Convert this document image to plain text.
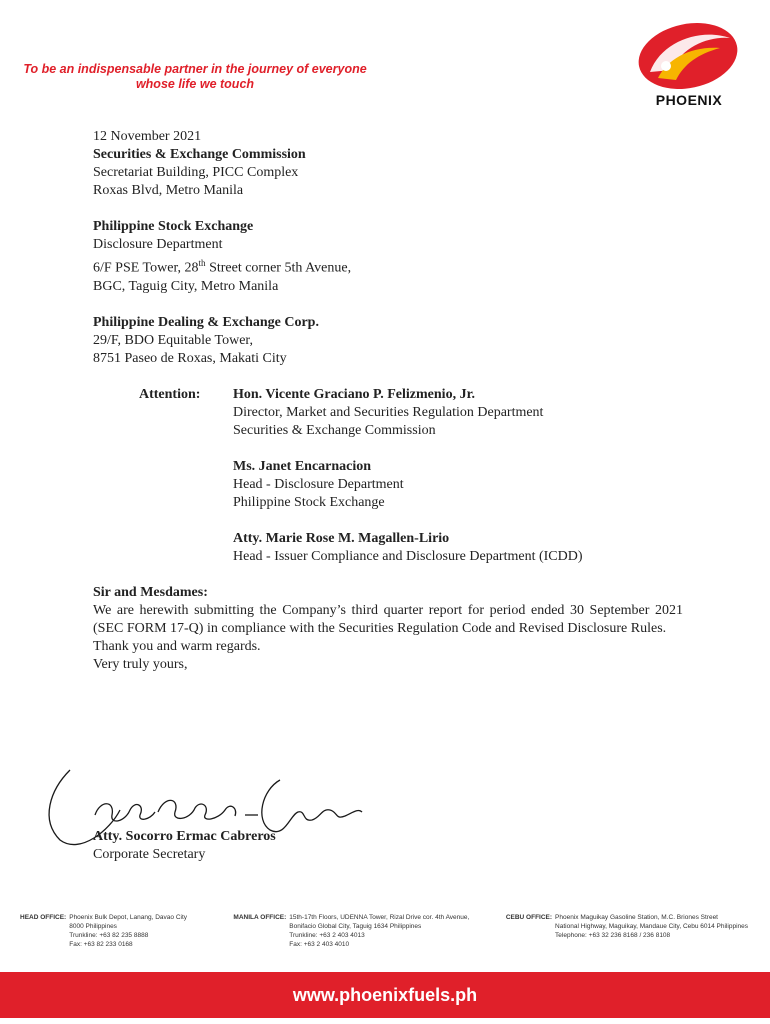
To be an indispensable partner in the journey of everyone
whose life we touch
PHOENIX

12 November 2021

Securities & Exchange Commission

Secretariat Building, PICC Complex

Roxas Blvd, Metro Manila

Philippine Stock Exchange

Disclosure Department

6/F PSE Tower, 28th Street corner 5th Avenue,

BGC, Taguig City, Metro Manila

Philippine Dealing & Exchange Corp.

29/F, BDO Equitable Tower,

8751 Paseo de Roxas, Makati City

Attention:	Hon. Vicente Graciano P. Felizmenio, Jr.

Director, Market and Securities Regulation Department

Securities & Exchange Commission

Ms. Janet Encarnacion

Head - Disclosure Department

Philippine Stock Exchange

Atty. Marie Rose M. Magallen-Lirio

Head - Issuer Compliance and Disclosure Department (ICDD)

Sir and Mesdames:

We are herewith submitting the Company’s third quarter report for period ended 30 September 2021 (SEC FORM 17-Q) in compliance with the Securities Regulation Code and Revised Disclosure Rules.

Thank you and warm regards.

Very truly yours,

Atty. Socorro Ermac Cabreros

Corporate Secretary

HEAD OFFICE: Phoenix Bulk Depot, Lanang, Davao City
8000 Philippines
Trunkline: +63 82 235 8888
Fax: +63 82 233 0168
MANILA OFFICE: 15th-17th Floors, UDENNA Tower, Rizal Drive cor. 4th Avenue,
Bonifacio Global City, Taguig 1634 Philippines
Trunkline: +63 2 403 4013
Fax: +63 2 403 4010
CEBU OFFICE: Phoenix Maguikay Gasoline Station, M.C. Briones Street
National Highway, Maguikay, Mandaue City, Cebu 6014 Philippines
Telephone: +63 32 236 8168 / 236 8108
www.phoenixfuels.ph
